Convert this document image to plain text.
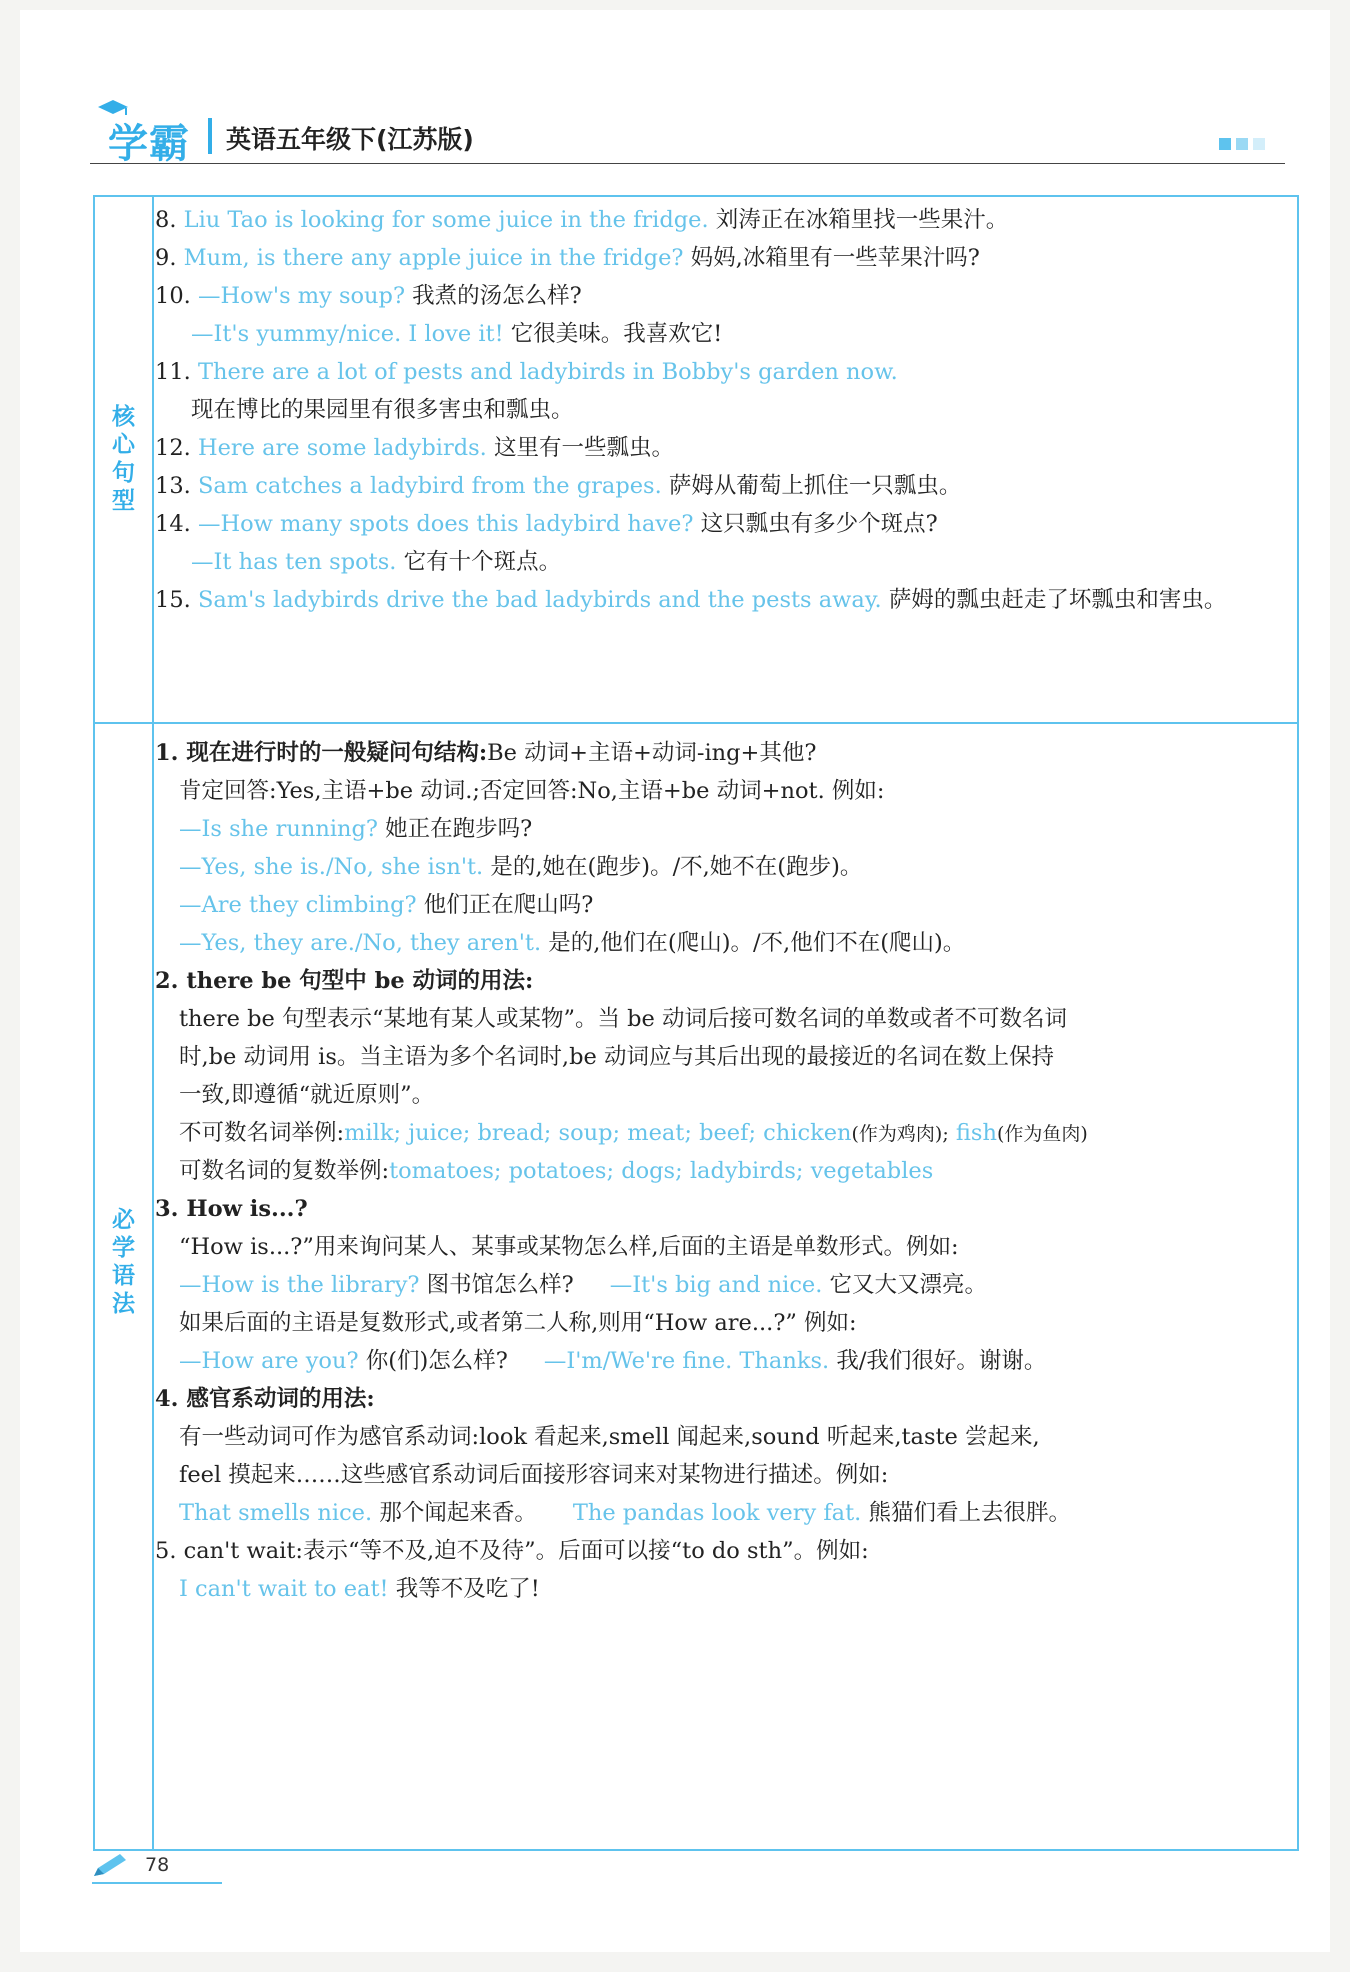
学霸 英语五年级下(江苏版)
核心句型
必学语法
8. Liu Tao is looking for some juice in the fridge. 刘涛正在冰箱里找一些果汁。
9. Mum, is there any apple juice in the fridge? 妈妈,冰箱里有一些苹果汁吗?
10. —How's my soup? 我煮的汤怎么样?
—It's yummy/nice. I love it! 它很美味。我喜欢它!
11. There are a lot of pests and ladybirds in Bobby's garden now.
现在博比的果园里有很多害虫和瓢虫。
12. Here are some ladybirds. 这里有一些瓢虫。
13. Sam catches a ladybird from the grapes. 萨姆从葡萄上抓住一只瓢虫。
14. —How many spots does this ladybird have? 这只瓢虫有多少个斑点?
—It has ten spots. 它有十个斑点。
15. Sam's ladybirds drive the bad ladybirds and the pests away. 萨姆的瓢虫赶走了坏瓢虫和害虫。
1. 现在进行时的一般疑问句结构:Be 动词+主语+动词-ing+其他?
肯定回答:Yes,主语+be 动词.;否定回答:No,主语+be 动词+not. 例如:
—Is she running? 她正在跑步吗?
—Yes, she is./No, she isn't. 是的,她在(跑步)。/不,她不在(跑步)。
—Are they climbing? 他们正在爬山吗?
—Yes, they are./No, they aren't. 是的,他们在(爬山)。/不,他们不在(爬山)。
2. there be 句型中 be 动词的用法:
there be 句型表示“某地有某人或某物”。当 be 动词后接可数名词的单数或者不可数名词
时,be 动词用 is。当主语为多个名词时,be 动词应与其后出现的最接近的名词在数上保持
一致,即遵循“就近原则”。
不可数名词举例:milk; juice; bread; soup; meat; beef; chicken(作为鸡肉); fish(作为鱼肉)
可数名词的复数举例:tomatoes; potatoes; dogs; ladybirds; vegetables
3. How is...?
“How is...?”用来询问某人、某事或某物怎么样,后面的主语是单数形式。例如:
—How is the library? 图书馆怎么样? —It's big and nice. 它又大又漂亮。
如果后面的主语是复数形式,或者第二人称,则用“How are...?” 例如:
—How are you? 你(们)怎么样? —I'm/We're fine. Thanks. 我/我们很好。谢谢。
4. 感官系动词的用法:
有一些动词可作为感官系动词:look 看起来,smell 闻起来,sound 听起来,taste 尝起来,
feel 摸起来……这些感官系动词后面接形容词来对某物进行描述。例如:
That smells nice. 那个闻起来香。 The pandas look very fat. 熊猫们看上去很胖。
5. can't wait:表示“等不及,迫不及待”。后面可以接“to do sth”。例如:
I can't wait to eat! 我等不及吃了!
78
